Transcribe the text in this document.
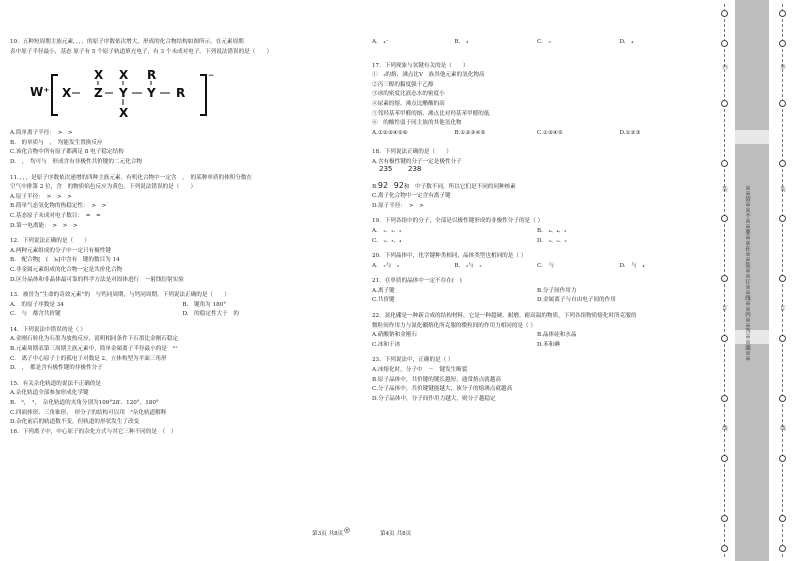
10．五种短周期主族元素，，，，的原子序数依次增大，形成的化合物结构如图所示。在元素周期
表中原子半径最小，基态 原子有 5 个原子轨道填充电子，有 3 个未成对电子。下列说法错误的是（　　）
W⁺
⁻
X X R
X Z Y Y R
X
A.简单离子半径：　>　>
B.　的单质与　，　均能发生置换反应
C.该化合物中所有原子都满足 8 电子稳定结构
D.　，　均可与　形成含有非极性共价键的二元化合物
11．，，，是原子序数依次递增的四种主族元素。有机化合物中一定含　，　的某种单质的体积分数在
空气中排第 2 位，含　的物质焰色反应为黄色。下列说法错误的是（　　）
A.原子半径：　>　>　>
B.简单气态氢化物的热稳定性：　>　>
C.基态原子未成对电子数目：　=　=
D.第一电离能：　>　>　>
12．下列说法正确的是（　　）
A.两种元素组成的分子中一定只有极性键
B.　配合物[　(　)₆]中含有　键的数目为 14
C.非金属元素组成的化合物一定是共价化合物
D.区分晶体和非晶体最可靠的科学方法是对固体进行　一射线衍射实验
13．被誉为“生命的奇效元素”的　与钙同周期，与钙同周期。下列说法正确的是（　　）
A.　的原子序数是 34	B.　键角为 180°
C.　与　都含共价键	D.　的稳定性大于　的
14．下列说法中错误的是（ ）
A.金刚石转化为石墨为放热反应，说明相同条件下石墨比金刚石稳定
B.元素周期表第三周期主族元素中，简单金属离子半径最小的是　³⁺
C.　离子中心原子上的孤电子对数是 2，立体构型为平面三角形
D.　，　都是含有极性键的非极性分子
15．有关杂化轨道的说法不正确的是
A.杂化轨道全部参加形成化学键
B.　³，　²，　杂化轨道的夹角分别为109°28′、120°、180°
C.四面体形、三角锥形、　形分子的结构可以用　³杂化轨道解释
D.杂化前后的轨道数不变，但轨道的形状发生了改变
16．下列离子中，中心原子的杂化方式与其它三种不同的是　（　）
A.　₄⁻	B.　₄	C.　₃	D.　₄
17．下列现象与氢键有关的是（　　）
①　₃的熔、沸点比Ⅴ　族其他元素的氢化物高
②丙三醇的黏度强于乙醇
③冰的密度比液态水的密度小
④尿素的熔、沸点比醋酸的高
⑤邻羟基苯甲醛的熔、沸点比对羟基苯甲醛的低
⑥　的酸性弱于同主族的其他氢化物
A.①②③④⑤⑥	B.①②③④⑤	C.①③④⑤	D.①②③
18．下列说法正确的是（　　）
A.含有极性键的分子一定是极性分子
235 238
B.92　 92和　中子数不同，所以它们是不同的同种核素
C.离子化合物中一定含有离子键
D.原子半径：　>　>
19．下列各组中的分子，全部是以极性键形成的非极性分子的是（ ）
A.　₂、₂、₂	B.　₄、₄、₂
C.　₂、₃、₄	D.　₃、₂、₂
20．下列晶体中，化学键种类相同，晶体类型也相同的是（ ）
A.　₂与　₂	B.　₂与　₂	C.　与	D.　与　₄
21．在单质的晶体中一定不存在(　)
A.离子键	B.分子间作用力
C.共价键	D.金属离子与自由电子间的作用
22．氮化硼是一种新合成的结构材料，它是一种超硬、耐磨、耐高温的物质，下列各组物质熔化时所克服的
微粒间作用力与氮化硼熔化所克服的微粒间的作用力相同的是（ ）
A.硝酸钠和金刚石	B.晶体硅和水晶
C.冰和干冰	D.苯和碘
23．下列说法中，正确的是（ ）
A.冰熔化时，分子中　－　键发生断裂
B.原子晶体中，共价键的键长越短，通常熔点就越高
C.分子晶体中，共价键键能越大，该分子的熔沸点就越高
D.分子晶体中，分子间作用力越大，则分子越稳定
第3页 共8页 ◎	第4页 共8页
内
装
订
线
外
装
订
线
※※请※※不※※要※※在※※装※※订※※线※※内※※答※※题※※
